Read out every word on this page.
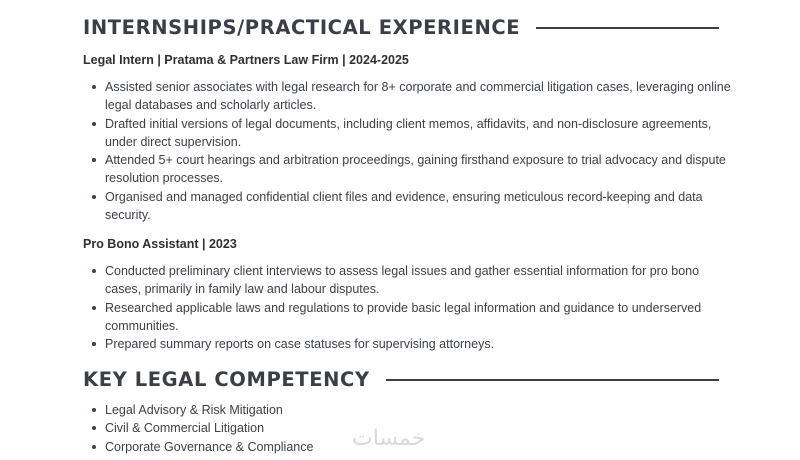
INTERNSHIPS/PRACTICAL EXPERIENCE

Legal Intern | Pratama & Partners Law Firm | 2024-2025

Assisted senior associates with legal research for 8+ corporate and commercial litigation cases, leveraging online legal databases and scholarly articles.
Drafted initial versions of legal documents, including client memos, affidavits, and non-disclosure agreements, under direct supervision.
Attended 5+ court hearings and arbitration proceedings, gaining firsthand exposure to trial advocacy and dispute resolution processes.
Organised and managed confidential client files and evidence, ensuring meticulous record-keeping and data security.

Pro Bono Assistant | 2023

Conducted preliminary client interviews to assess legal issues and gather essential information for pro bono cases, primarily in family law and labour disputes.
Researched applicable laws and regulations to provide basic legal information and guidance to underserved communities.
Prepared summary reports on case statuses for supervising attorneys.
KEY LEGAL COMPETENCY
Legal Advisory & Risk Mitigation
Civil & Commercial Litigation
Corporate Governance & Compliance	خمسات
